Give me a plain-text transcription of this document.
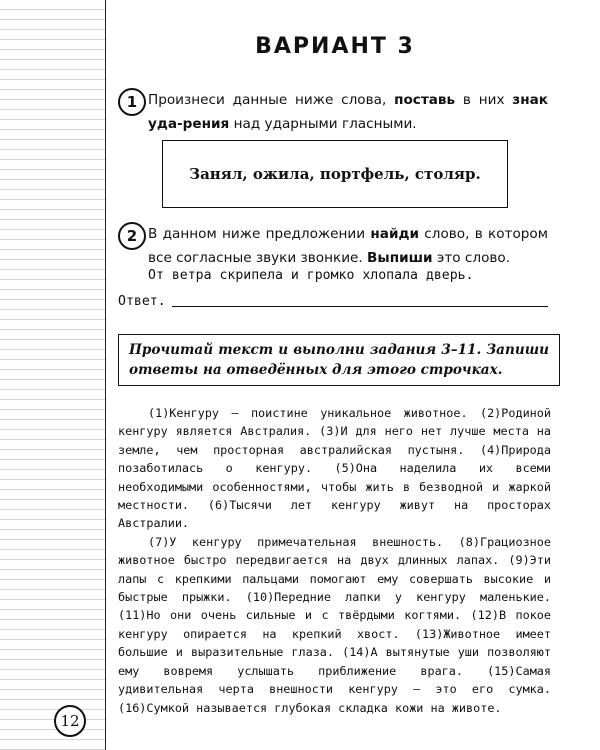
ВАРИАНТ 3
1 Произнеси данные ниже слова, поставь в них знак уда-рения над ударными гласными.
Занял, ожила, портфель, столяр.
2 В данном ниже предложении найди слово, в котором все согласные звуки звонкие. Выпиши это слово.
От ветра скрипела и громко хлопала дверь.
Ответ.
Прочитай текст и выполни задания 3–11. Запиши ответы на отведённых для этого строчках.

(1)Кенгуру — поистине уникальное животное. (2)Родиной кенгуру является Австралия. (3)И для него нет лучше места на земле, чем просторная австралийская пустыня. (4)Природа позаботилась о кенгуру. (5)Она наделила их всеми необходимыми особенностями, чтобы жить в безводной и жаркой местности. (6)Тысячи лет кенгуру живут на просторах Австралии.

(7)У кенгуру примечательная внешность. (8)Грациозное животное быстро передвигается на двух длинных лапах. (9)Эти лапы с крепкими пальцами помогают ему совершать высокие и быстрые прыжки. (10)Передние лапки у кенгуру маленькие. (11)Но они очень сильные и с твёрдыми когтями. (12)В покое кенгуру опирается на крепкий хвост. (13)Животное имеет большие и выразительные глаза. (14)А вытянутые уши позволяют ему вовремя услышать приближение врага. (15)Самая удивительная черта внешности кенгуру — это его сумка. (16)Сумкой называется глубокая складка кожи на животе.

12
